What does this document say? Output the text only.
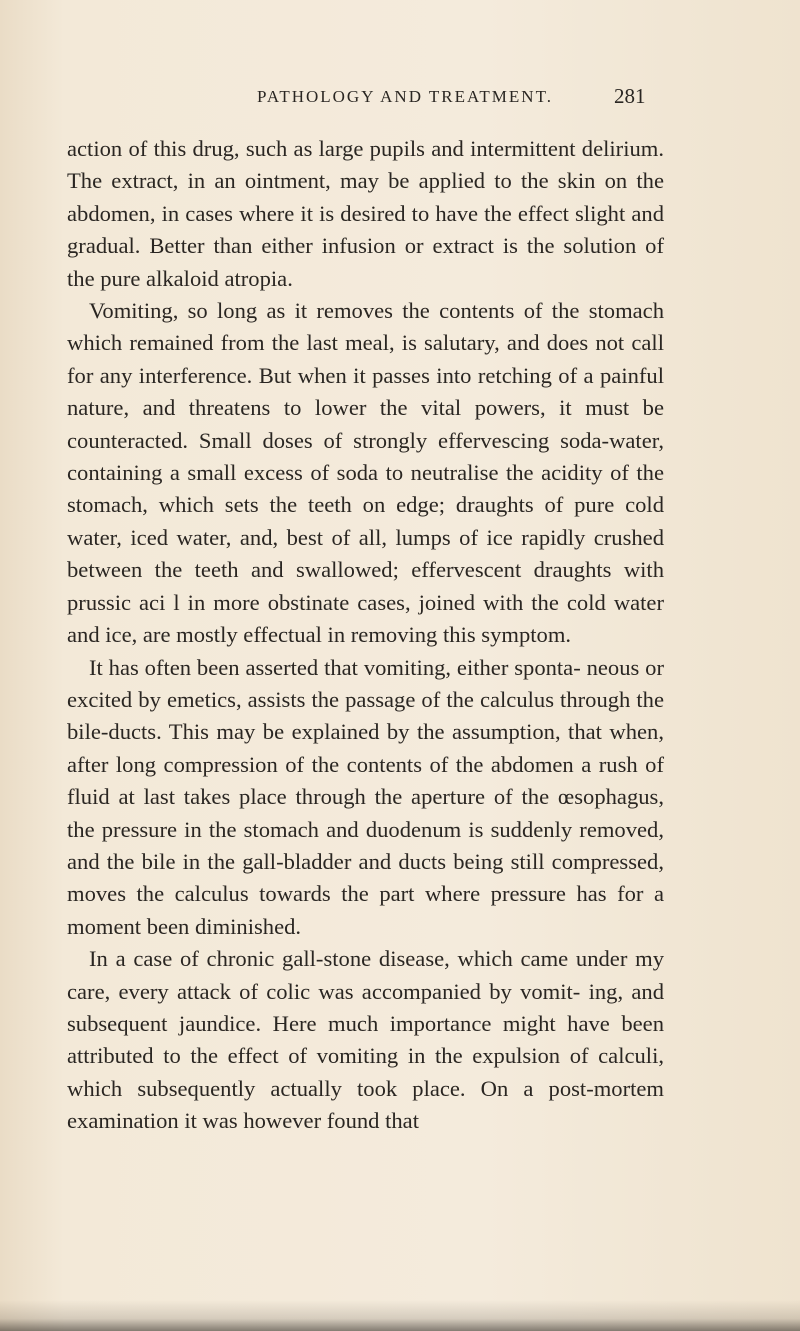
PATHOLOGY AND TREATMENT.	281

action of this drug, such as large pupils and intermittent delirium. The extract, in an ointment, may be applied to the skin on the abdomen, in cases where it is desired to have the effect slight and gradual. Better than either infusion or extract is the solution of the pure alkaloid atropia.

Vomiting, so long as it removes the contents of the stomach which remained from the last meal, is salutary, and does not call for any interference. But when it passes into retching of a painful nature, and threatens to lower the vital powers, it must be counteracted. Small doses of strongly effervescing soda-water, containing a small excess of soda to neutralise the acidity of the stomach, which sets the teeth on edge; draughts of pure cold water, iced water, and, best of all, lumps of ice rapidly crushed between the teeth and swallowed; effervescent draughts with prussic aci l in more obstinate cases, joined with the cold water and ice, are mostly effectual in removing this symptom.

It has often been asserted that vomiting, either sponta- neous or excited by emetics, assists the passage of the calculus through the bile-ducts. This may be explained by the assumption, that when, after long compression of the contents of the abdomen a rush of fluid at last takes place through the aperture of the œsophagus, the pressure in the stomach and duodenum is suddenly removed, and the bile in the gall-bladder and ducts being still compressed, moves the calculus towards the part where pressure has for a moment been diminished.

In a case of chronic gall-stone disease, which came under my care, every attack of colic was accompanied by vomit- ing, and subsequent jaundice. Here much importance might have been attributed to the effect of vomiting in the expulsion of calculi, which subsequently actually took place. On a post-mortem examination it was however found that
